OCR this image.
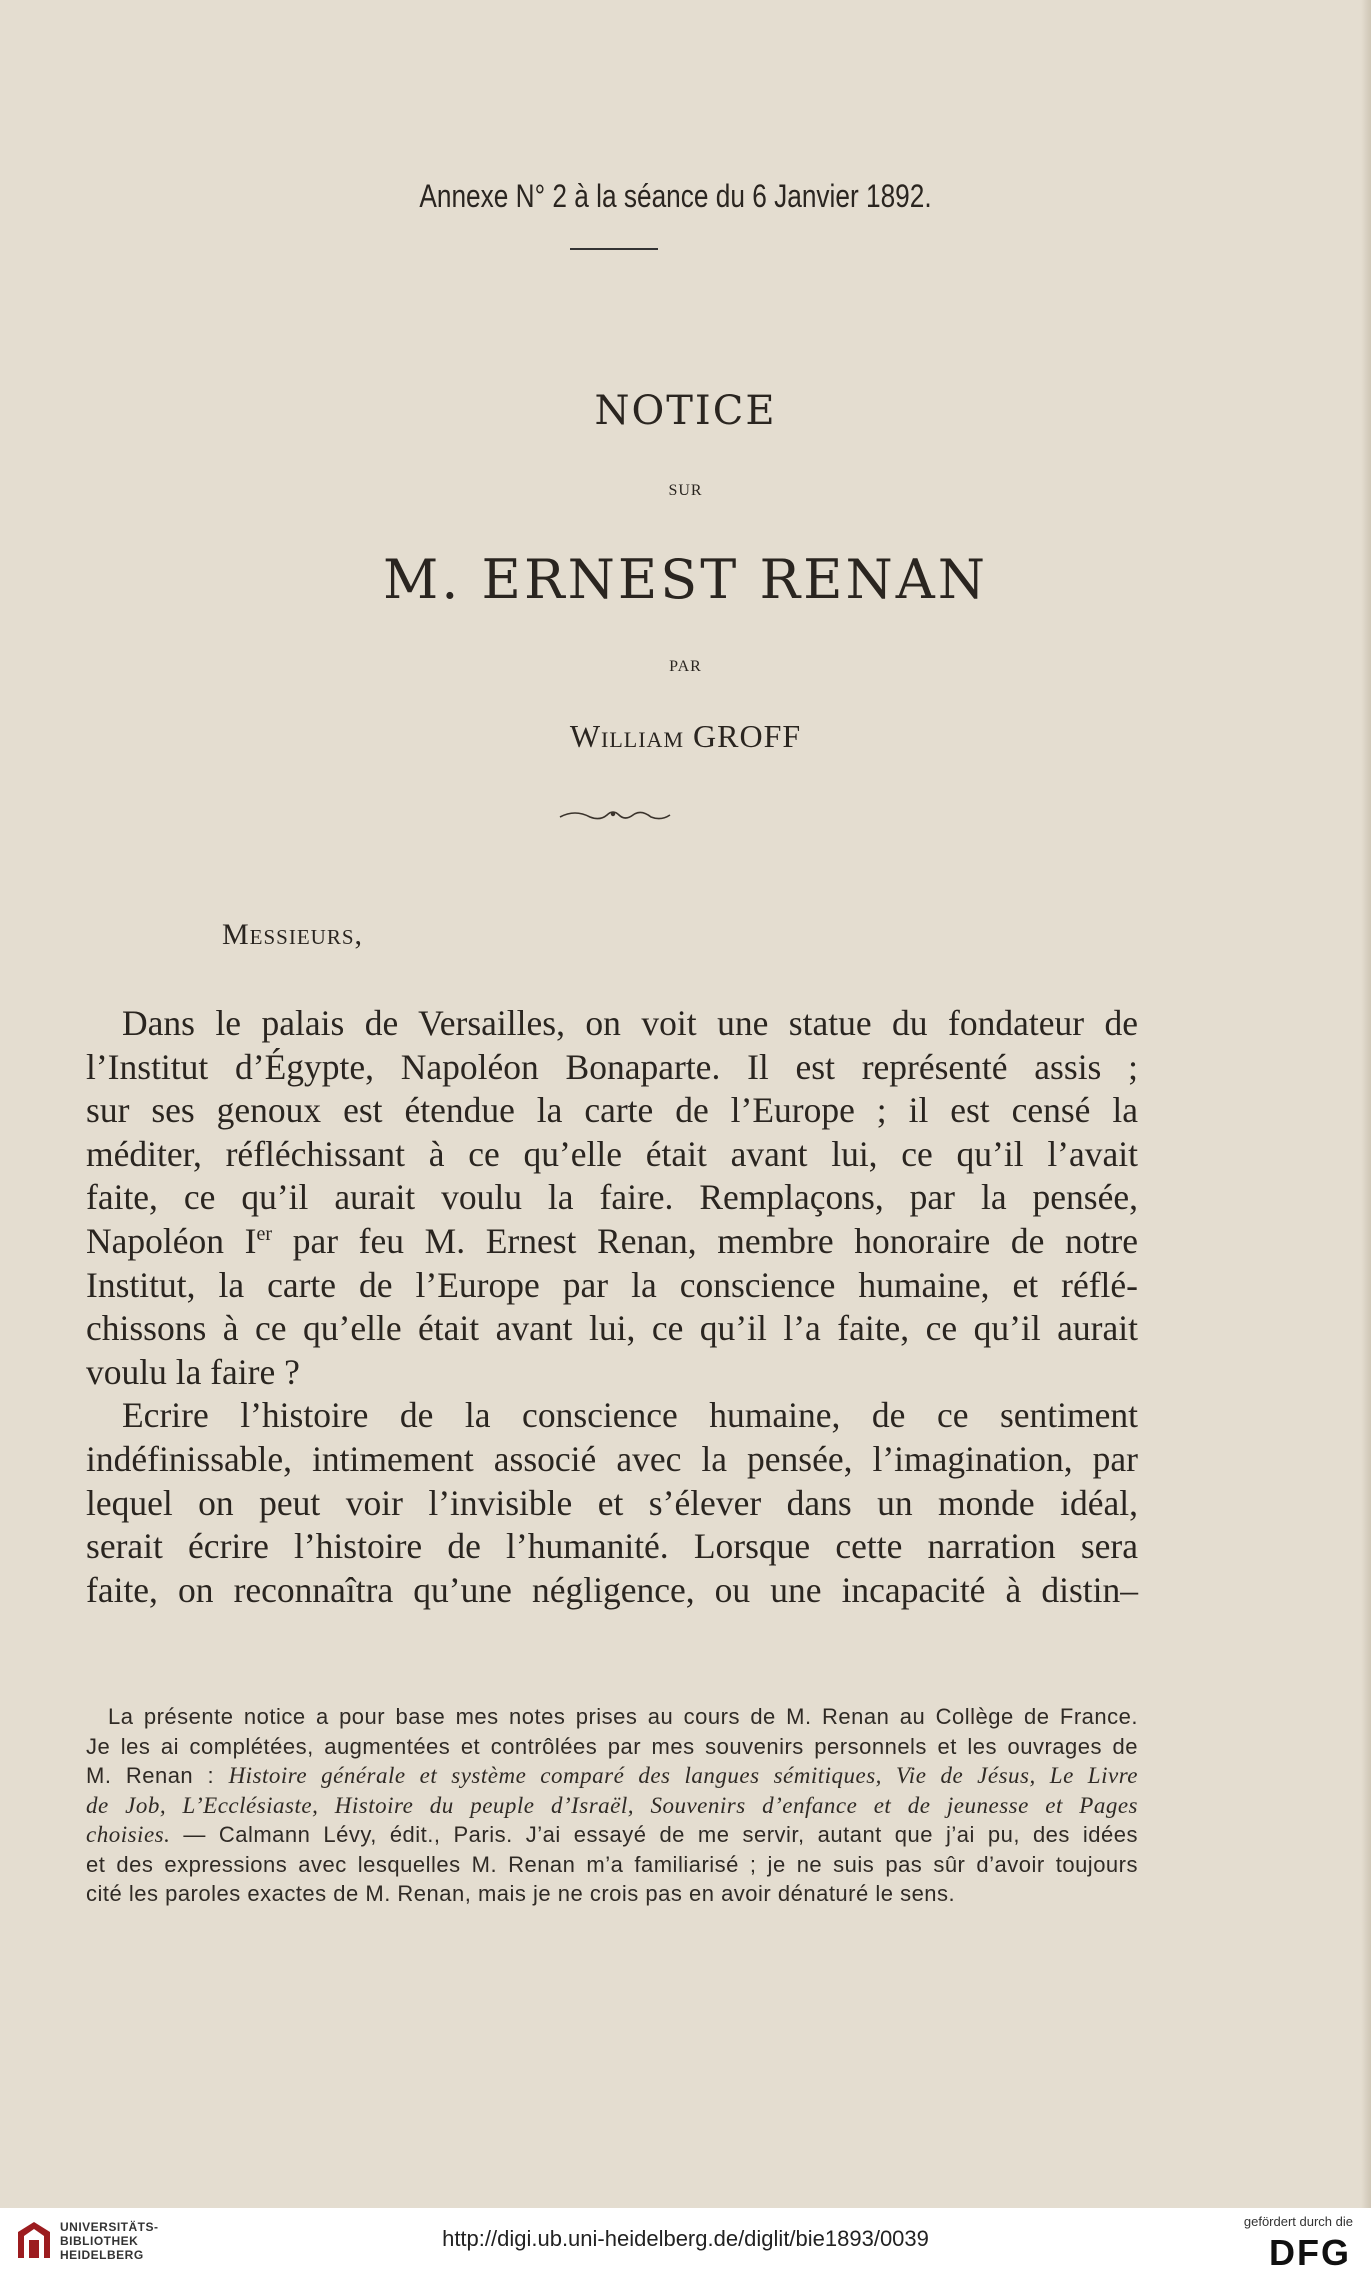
Annexe N° 2 à la séance du 6 Janvier 1892.
NOTICE
SUR
M. ERNEST RENAN
PAR
William GROFF
Messieurs,
Dans le palais de Versailles, on voit une statue du fondateur de
l’Institut d’Égypte, Napoléon Bonaparte. Il est représenté assis ;
sur ses genoux est étendue la carte de l’Europe ; il est censé la
méditer, réfléchissant à ce qu’elle était avant lui, ce qu’il l’avait
faite, ce qu’il aurait voulu la faire. Remplaçons, par la pensée,
Napoléon Ier par feu M. Ernest Renan, membre honoraire de notre
Institut, la carte de l’Europe par la conscience humaine, et réflé-
chissons à ce qu’elle était avant lui, ce qu’il l’a faite, ce qu’il aurait
voulu la faire ?
Ecrire l’histoire de la conscience humaine, de ce sentiment
indéfinissable, intimement associé avec la pensée, l’imagination, par
lequel on peut voir l’invisible et s’élever dans un monde idéal,
serait écrire l’histoire de l’humanité. Lorsque cette narration sera
faite, on reconnaîtra qu’une négligence, ou une incapacité à distin–
La présente notice a pour base mes notes prises au cours de M. Renan au Collège de France.
Je les ai complétées, augmentées et contrôlées par mes souvenirs personnels et les ouvrages de
M. Renan : Histoire générale et système comparé des langues sémitiques, Vie de Jésus, Le Livre
de Job, L’Ecclésiaste, Histoire du peuple d’Israël, Souvenirs d’enfance et de jeunesse et Pages
choisies. — Calmann Lévy, édit., Paris. J’ai essayé de me servir, autant que j’ai pu, des idées
et des expressions avec lesquelles M. Renan m’a familiarisé ; je ne suis pas sûr d’avoir toujours
cité les paroles exactes de M. Renan, mais je ne crois pas en avoir dénaturé le sens.
UNIVERSITÄTS-
BIBLIOTHEK
HEIDELBERG
http://digi.ub.uni-heidelberg.de/diglit/bie1893/0039
gefördert durch die
DFG
